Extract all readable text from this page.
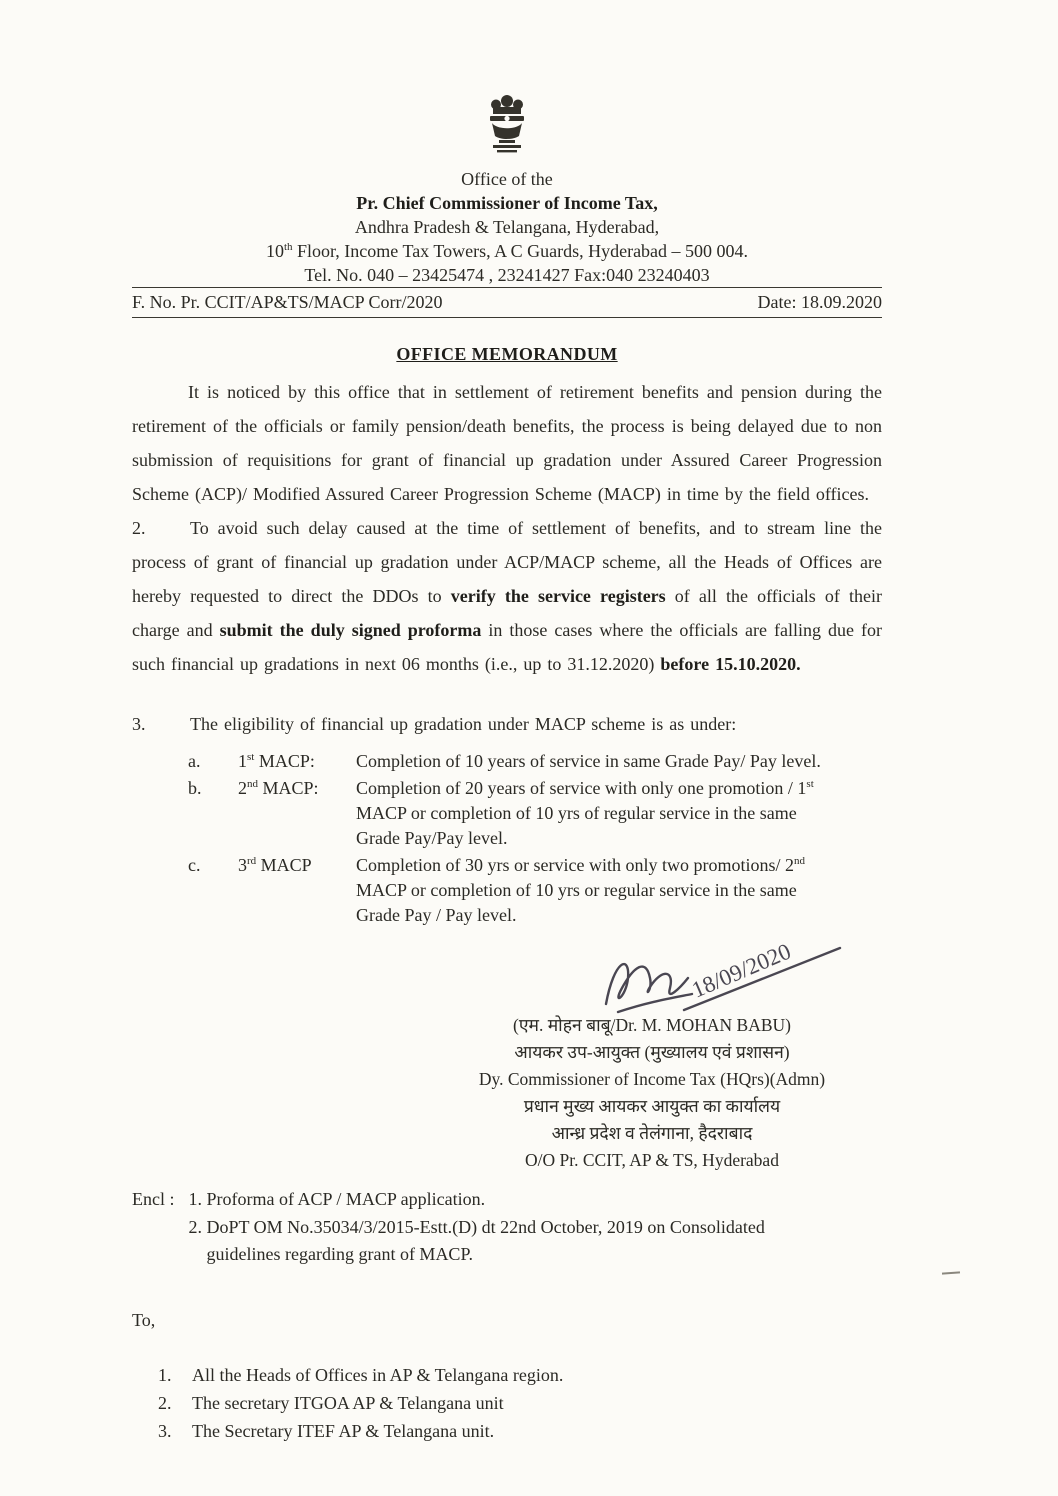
Office of the
Pr. Chief Commissioner of Income Tax,
Andhra Pradesh & Telangana, Hyderabad,
10th Floor, Income Tax Towers, A C Guards, Hyderabad – 500 004.
Tel. No. 040 – 23425474 , 23241427 Fax:040 23240403
F. No. Pr. CCIT/AP&TS/MACP Corr/2020	Date: 18.09.2020
OFFICE MEMORANDUM

It is noticed by this office that in settlement of retirement benefits and pension during the retirement of the officials or family pension/death benefits, the process is being delayed due to non submission of requisitions for grant of financial up gradation under Assured Career Progression Scheme (ACP)/ Modified Assured Career Progression Scheme (MACP) in time by the field offices.

2. To avoid such delay caused at the time of settlement of benefits, and to stream line the process of grant of financial up gradation under ACP/MACP scheme, all the Heads of Offices are hereby requested to direct the DDOs to verify the service registers of all the officials of their charge and submit the duly signed proforma in those cases where the officials are falling due for such financial up gradations in next 06 months (i.e., up to 31.12.2020) before 15.10.2020.

3. The eligibility of financial up gradation under MACP scheme is as under:

a.	1st MACP:	Completion of 10 years of service in same Grade Pay/ Pay level.
b.	2nd MACP:	Completion of 20 years of service with only one promotion / 1st MACP or completion of 10 yrs of regular service in the same Grade Pay/Pay level.
c.	3rd MACP	Completion of 30 yrs or service with only two promotions/ 2nd MACP or completion of 10 yrs or regular service in the same Grade Pay / Pay level.
18/09/2020
(एम. मोहन बाबू/Dr. M. MOHAN BABU)
आयकर उप-आयुक्त (मुख्यालय एवं प्रशासन)
Dy. Commissioner of Income Tax (HQrs)(Admn)
प्रधान मुख्य आयकर आयुक्त का कार्यालय
आन्ध्र प्रदेश व तेलंगाना, हैदराबाद
O/O Pr. CCIT, AP & TS, Hyderabad
Encl : 1. Proforma of ACP / MACP application.
2. DoPT OM No.35034/3/2015-Estt.(D) dt 22nd October, 2019 on Consolidated guidelines regarding grant of MACP.
To,
1.	All the Heads of Offices in AP & Telangana region.
2.	The secretary ITGOA AP & Telangana unit
3.	The Secretary ITEF AP & Telangana unit.
